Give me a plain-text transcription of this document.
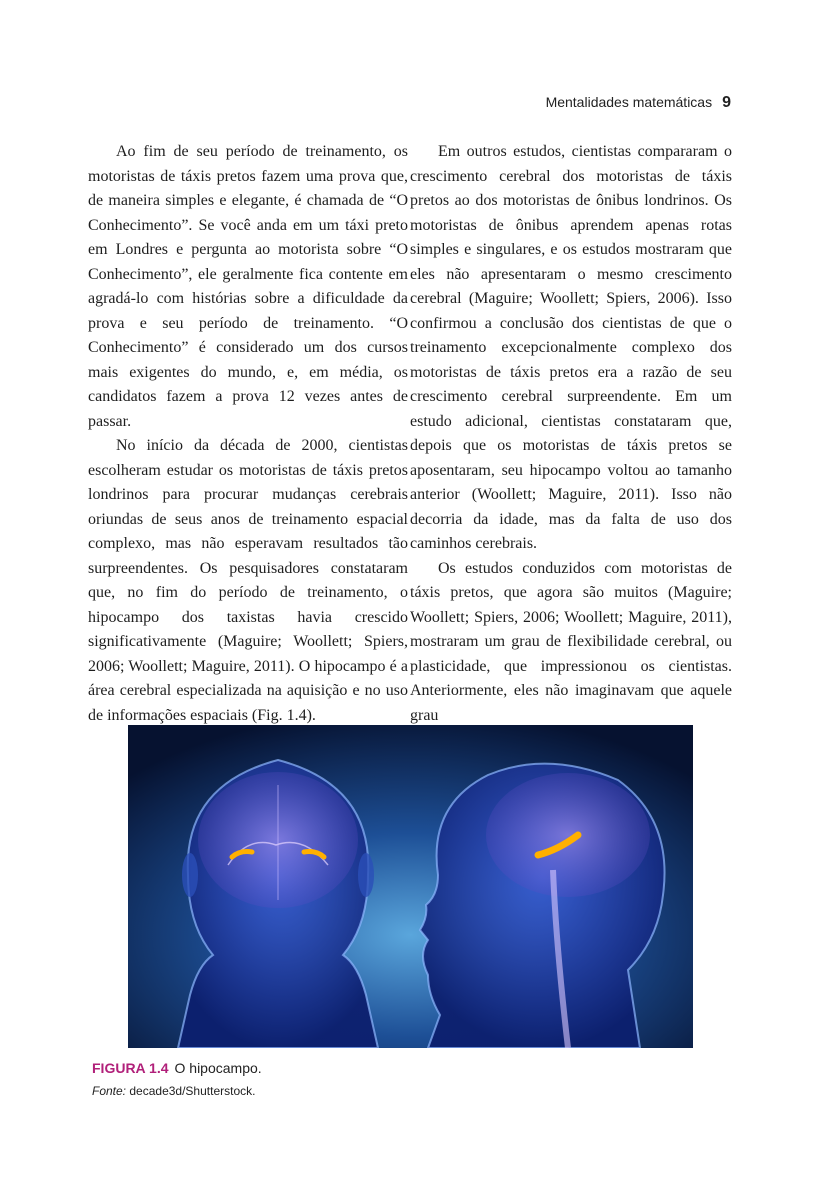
Mentalidades matemáticas 9

Ao fim de seu período de treinamento, os motoristas de táxis pretos fazem uma prova que, de maneira simples e elegante, é chamada de “O Conhecimento”. Se você anda em um táxi preto em Londres e pergunta ao motorista sobre “O Conhecimento”, ele geralmente fica contente em agradá-lo com histórias sobre a dificuldade da prova e seu período de treinamento. “O Conhecimento” é considerado um dos cursos mais exigentes do mundo, e, em média, os candidatos fazem a prova 12 vezes antes de passar.

No início da década de 2000, cientistas escolheram estudar os motoristas de táxis pretos londrinos para procurar mudanças cerebrais oriundas de seus anos de treinamento espacial complexo, mas não esperavam resultados tão surpreendentes. Os pesquisadores constataram que, no fim do período de treinamento, o hipocampo dos taxistas havia crescido significativamente (Maguire; Woollett; Spiers, 2006; Woollett; Maguire, 2011). O hipocampo é a área cerebral especializada na aquisição e no uso de informações espaciais (Fig. 1.4).

Em outros estudos, cientistas compararam o crescimento cerebral dos motoristas de táxis pretos ao dos motoristas de ônibus londrinos. Os motoristas de ônibus aprendem apenas rotas simples e singulares, e os estudos mostraram que eles não apresentaram o mesmo crescimento cerebral (Maguire; Woollett; Spiers, 2006). Isso confirmou a conclusão dos cientistas de que o treinamento excepcionalmente complexo dos motoristas de táxis pretos era a razão de seu crescimento cerebral surpreendente. Em um estudo adicional, cientistas constataram que, depois que os motoristas de táxis pretos se aposentaram, seu hipocampo voltou ao tamanho anterior (Woollett; Maguire, 2011). Isso não decorria da idade, mas da falta de uso dos caminhos cerebrais.

Os estudos conduzidos com motoristas de táxis pretos, que agora são muitos (Maguire; Woollett; Spiers, 2006; Woollett; Maguire, 2011), mostraram um grau de flexibilidade cerebral, ou plasticidade, que impressionou os cientistas. Anteriormente, eles não imaginavam que aquele grau

FIGURA 1.4 O hipocampo.
Fonte: decade3d/Shutterstock.
